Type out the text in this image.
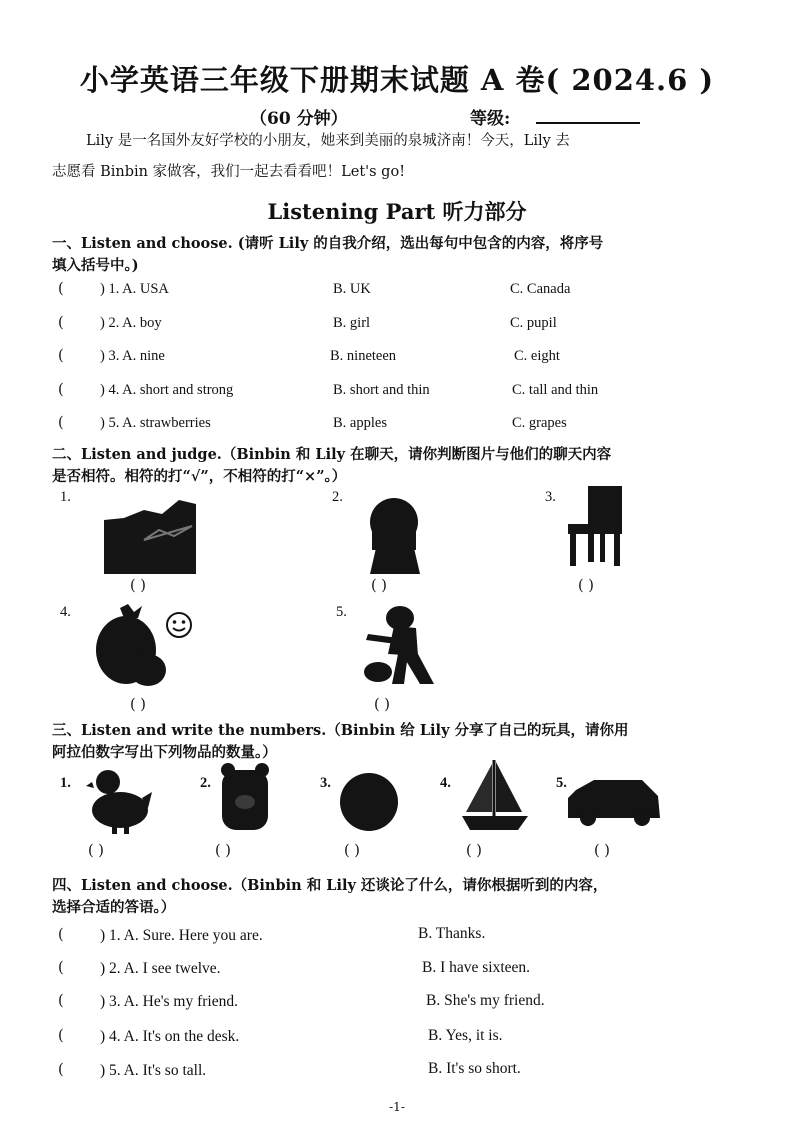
小学英语三年级下册期末试题 A 卷( 2024.6 )
（60 分钟）	等级:
Lily 是一名国外友好学校的小朋友，她来到美丽的泉城济南！今天，Lily 去
志愿看 Binbin 家做客，我们一起去看看吧！Let's go!
Listening Part 听力部分
一、Listen and choose. (请听 Lily 的自我介绍，选出每句中包含的内容，将序号
填入括号中。)
(	) 1. A. USA	B. UK	C. Canada
(	) 2. A. boy	B. girl	C. pupil
(	) 3. A. nine	B. nineteen	C. eight
(	) 4. A. short and strong	B. short and thin	C. tall and thin
(	) 5. A. strawberries	B. apples	C. grapes
二、Listen and judge.（Binbin 和 Lily 在聊天，请你判断图片与他们的聊天内容
是否相符。相符的打“√”，不相符的打“×”。）
1.	2.	3.
4.	5.
( )	( )	( )
( )	( )
三、Listen and write the numbers.（Binbin 给 Lily 分享了自己的玩具，请你用
阿拉伯数字写出下列物品的数量。）
1.	2.	3.	4.	5.
( )	( )	( )	( )	( )
四、Listen and choose.（Binbin 和 Lily 还谈论了什么，请你根据听到的内容，
选择合适的答语。）
( ) 1. A. Sure. Here you are.	B. Thanks.
( ) 2. A. I see twelve.	B. I have sixteen.
( ) 3. A. He's my friend.	B. She's my friend.
( ) 4. A. It's on the desk.	B. Yes, it is.
( ) 5. A. It's so tall.	B. It's so short.
-1-
